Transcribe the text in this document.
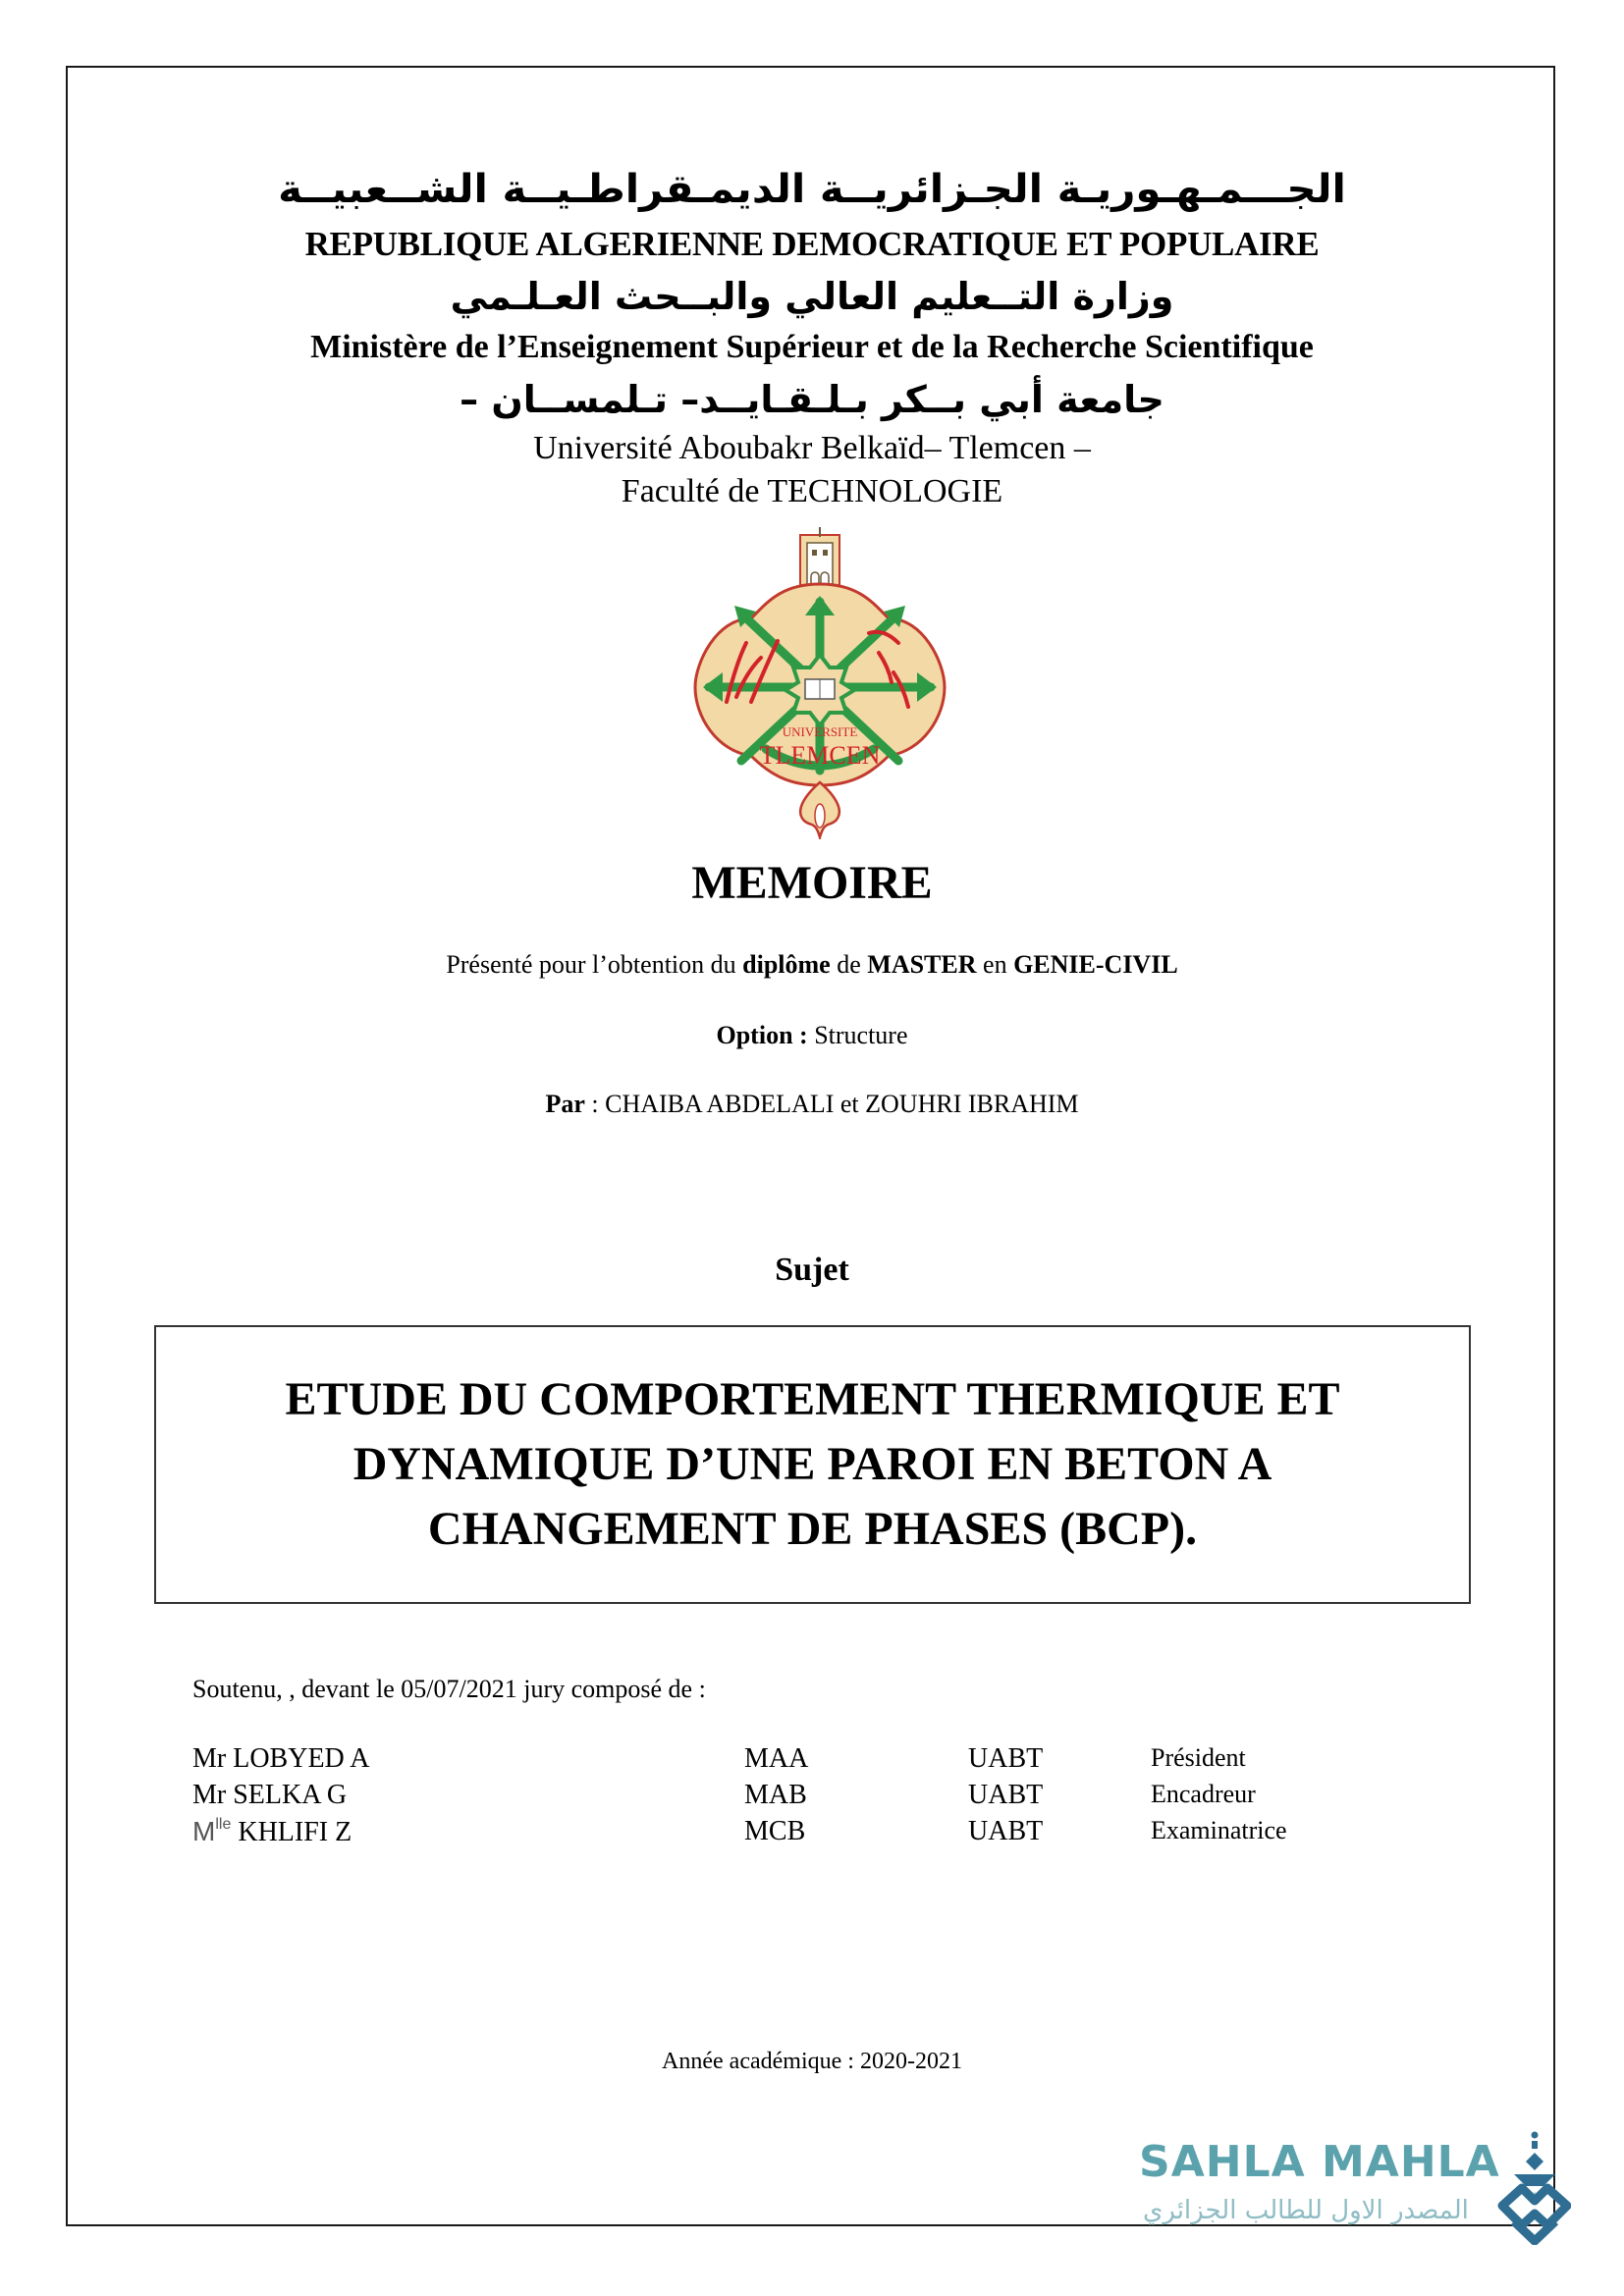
الجـــمـهـوريـة الجـزائريــة الديمـقراطـيــة الشــعبيــة
REPUBLIQUE ALGERIENNE DEMOCRATIQUE ET POPULAIRE
وزارة التــعليم العالي والبــحث العـلـمي
Ministère de l’Enseignement Supérieur et de la Recherche Scientifique
جامعة أبي بــكر بـلـقـايــد– تـلمســان –
Université Aboubakr Belkaïd– Tlemcen –
Faculté de TECHNOLOGIE
UNIVERSITE
TLEMCEN
MEMOIRE
Présenté pour l’obtention du diplôme de MASTER en GENIE-CIVIL
Option : Structure
Par : CHAIBA ABDELALI et ZOUHRI IBRAHIM
Sujet
ETUDE DU COMPORTEMENT THERMIQUE ET
DYNAMIQUE D’UNE PAROI EN BETON A
CHANGEMENT DE PHASES (BCP).
Soutenu, , devant le 05/07/2021 jury composé de :
Mr LOBYED A	MAA	UABT	Président
Mr SELKA G	MAB	UABT	Encadreur
$M^{lle}$ KHLIFI Z	MCB	UABT	Examinatrice
Année académique : 2020-2021
SAHLA MAHLA
المصدر الاول للطالب الجزائري
